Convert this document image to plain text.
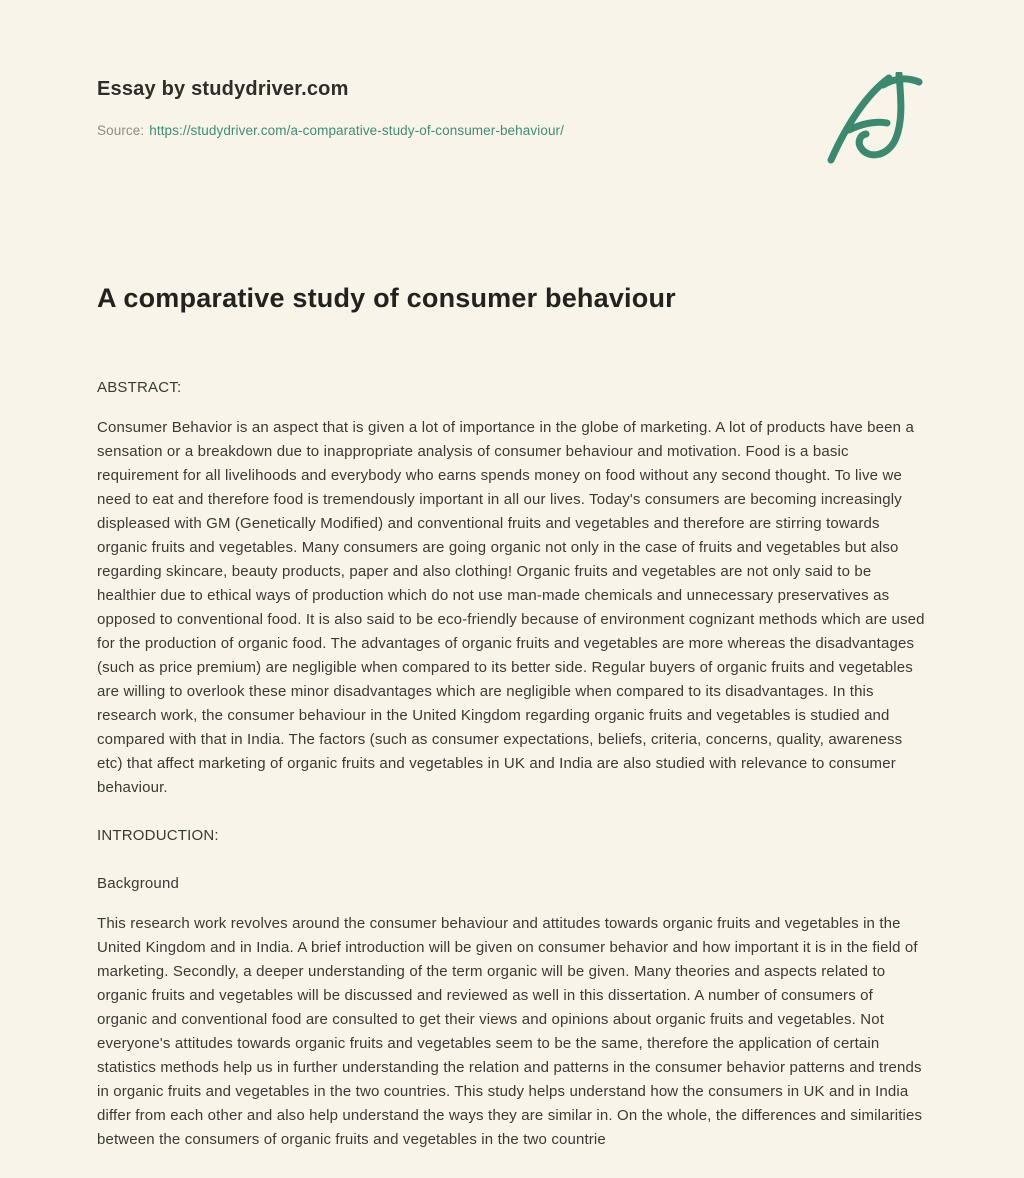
Essay by studydriver.com
Source: https://studydriver.com/a-comparative-study-of-consumer-behaviour/
A comparative study of consumer behaviour

ABSTRACT:

Consumer Behavior is an aspect that is given a lot of importance in the globe of marketing. A lot of products have been a sensation or a breakdown due to inappropriate analysis of consumer behaviour and motivation. Food is a basic requirement for all livelihoods and everybody who earns spends money on food without any second thought. To live we need to eat and therefore food is tremendously important in all our lives. Today's consumers are becoming increasingly displeased with GM (Genetically Modified) and conventional fruits and vegetables and therefore are stirring towards organic fruits and vegetables. Many consumers are going organic not only in the case of fruits and vegetables but also regarding skincare, beauty products, paper and also clothing! Organic fruits and vegetables are not only said to be healthier due to ethical ways of production which do not use man-made chemicals and unnecessary preservatives as opposed to conventional food. It is also said to be eco-friendly because of environment cognizant methods which are used for the production of organic food. The advantages of organic fruits and vegetables are more whereas the disadvantages (such as price premium) are negligible when compared to its better side. Regular buyers of organic fruits and vegetables are willing to overlook these minor disadvantages which are negligible when compared to its disadvantages. In this research work, the consumer behaviour in the United Kingdom regarding organic fruits and vegetables is studied and compared with that in India. The factors (such as consumer expectations, beliefs, criteria, concerns, quality, awareness etc) that affect marketing of organic fruits and vegetables in UK and India are also studied with relevance to consumer behaviour.

INTRODUCTION:

Background

This research work revolves around the consumer behaviour and attitudes towards organic fruits and vegetables in the United Kingdom and in India. A brief introduction will be given on consumer behavior and how important it is in the field of marketing. Secondly, a deeper understanding of the term organic will be given. Many theories and aspects related to organic fruits and vegetables will be discussed and reviewed as well in this dissertation. A number of consumers of organic and conventional food are consulted to get their views and opinions about organic fruits and vegetables. Not everyone's attitudes towards organic fruits and vegetables seem to be the same, therefore the application of certain statistics methods help us in further understanding the relation and patterns in the consumer behavior patterns and trends in organic fruits and vegetables in the two countries. This study helps understand how the consumers in UK and in India differ from each other and also help understand the ways they are similar in. On the whole, the differences and similarities between the consumers of organic fruits and vegetables in the two countrie
